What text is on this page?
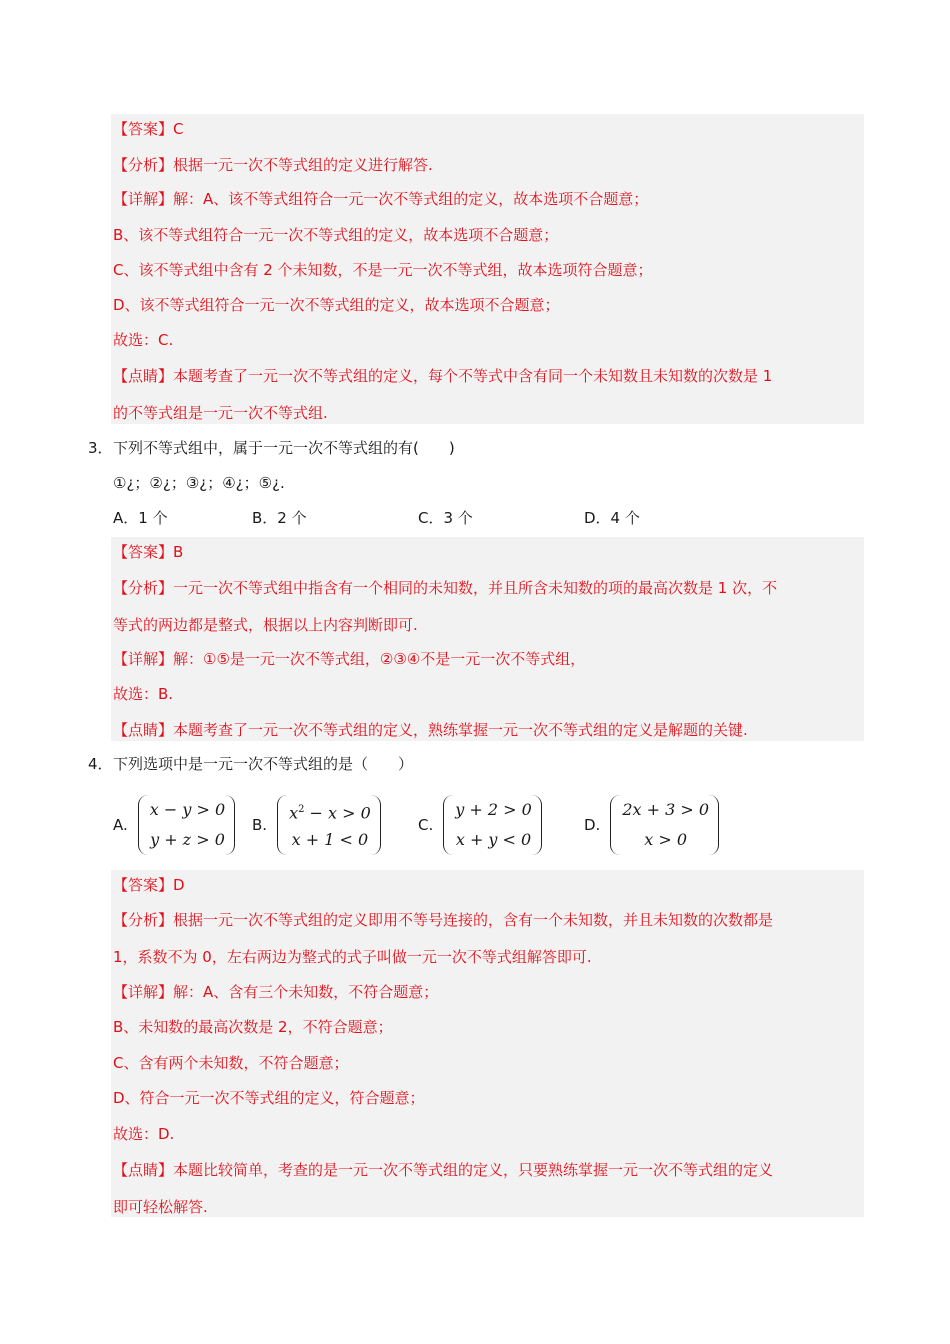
【答案】C
【分析】根据一元一次不等式组的定义进行解答.
【详解】解：A、该不等式组符合一元一次不等式组的定义，故本选项不合题意；
B、该不等式组符合一元一次不等式组的定义，故本选项不合题意；
C、该不等式组中含有 2 个未知数，不是一元一次不等式组，故本选项符合题意；
D、该不等式组符合一元一次不等式组的定义，故本选项不合题意；
故选：C.
【点睛】本题考查了一元一次不等式组的定义，每个不等式中含有同一个未知数且未知数的次数是 1
的不等式组是一元一次不等式组.
3． 下列不等式组中，属于一元一次不等式组的有(　　)
①¿；②¿；③¿；④¿；⑤¿.
A．1 个	B．2 个	C．3 个	D．4 个
【答案】B
【分析】一元一次不等式组中指含有一个相同的未知数，并且所含未知数的项的最高次数是 1 次，不
等式的两边都是整式，根据以上内容判断即可.
【详解】解：①⑤是一元一次不等式组，②③④不是一元一次不等式组，
故选：B.
【点睛】本题考查了一元一次不等式组的定义，熟练掌握一元一次不等式组的定义是解题的关键.
4． 下列选项中是一元一次不等式组的是（　　）
A.
x − y > 0
y + z > 0
B.
$x^2 - x > 0$
x + 1 < 0
C.
y + 2 > 0
x + y < 0
D.
2x + 3 > 0
x > 0
【答案】D
【分析】根据一元一次不等式组的定义即用不等号连接的，含有一个未知数，并且未知数的次数都是
1，系数不为 0，左右两边为整式的式子叫做一元一次不等式组解答即可.
【详解】解：A、含有三个未知数，不符合题意；
B、未知数的最高次数是 2，不符合题意；
C、含有两个未知数，不符合题意；
D、符合一元一次不等式组的定义，符合题意；
故选：D.
【点睛】本题比较简单，考查的是一元一次不等式组的定义，只要熟练掌握一元一次不等式组的定义
即可轻松解答.
